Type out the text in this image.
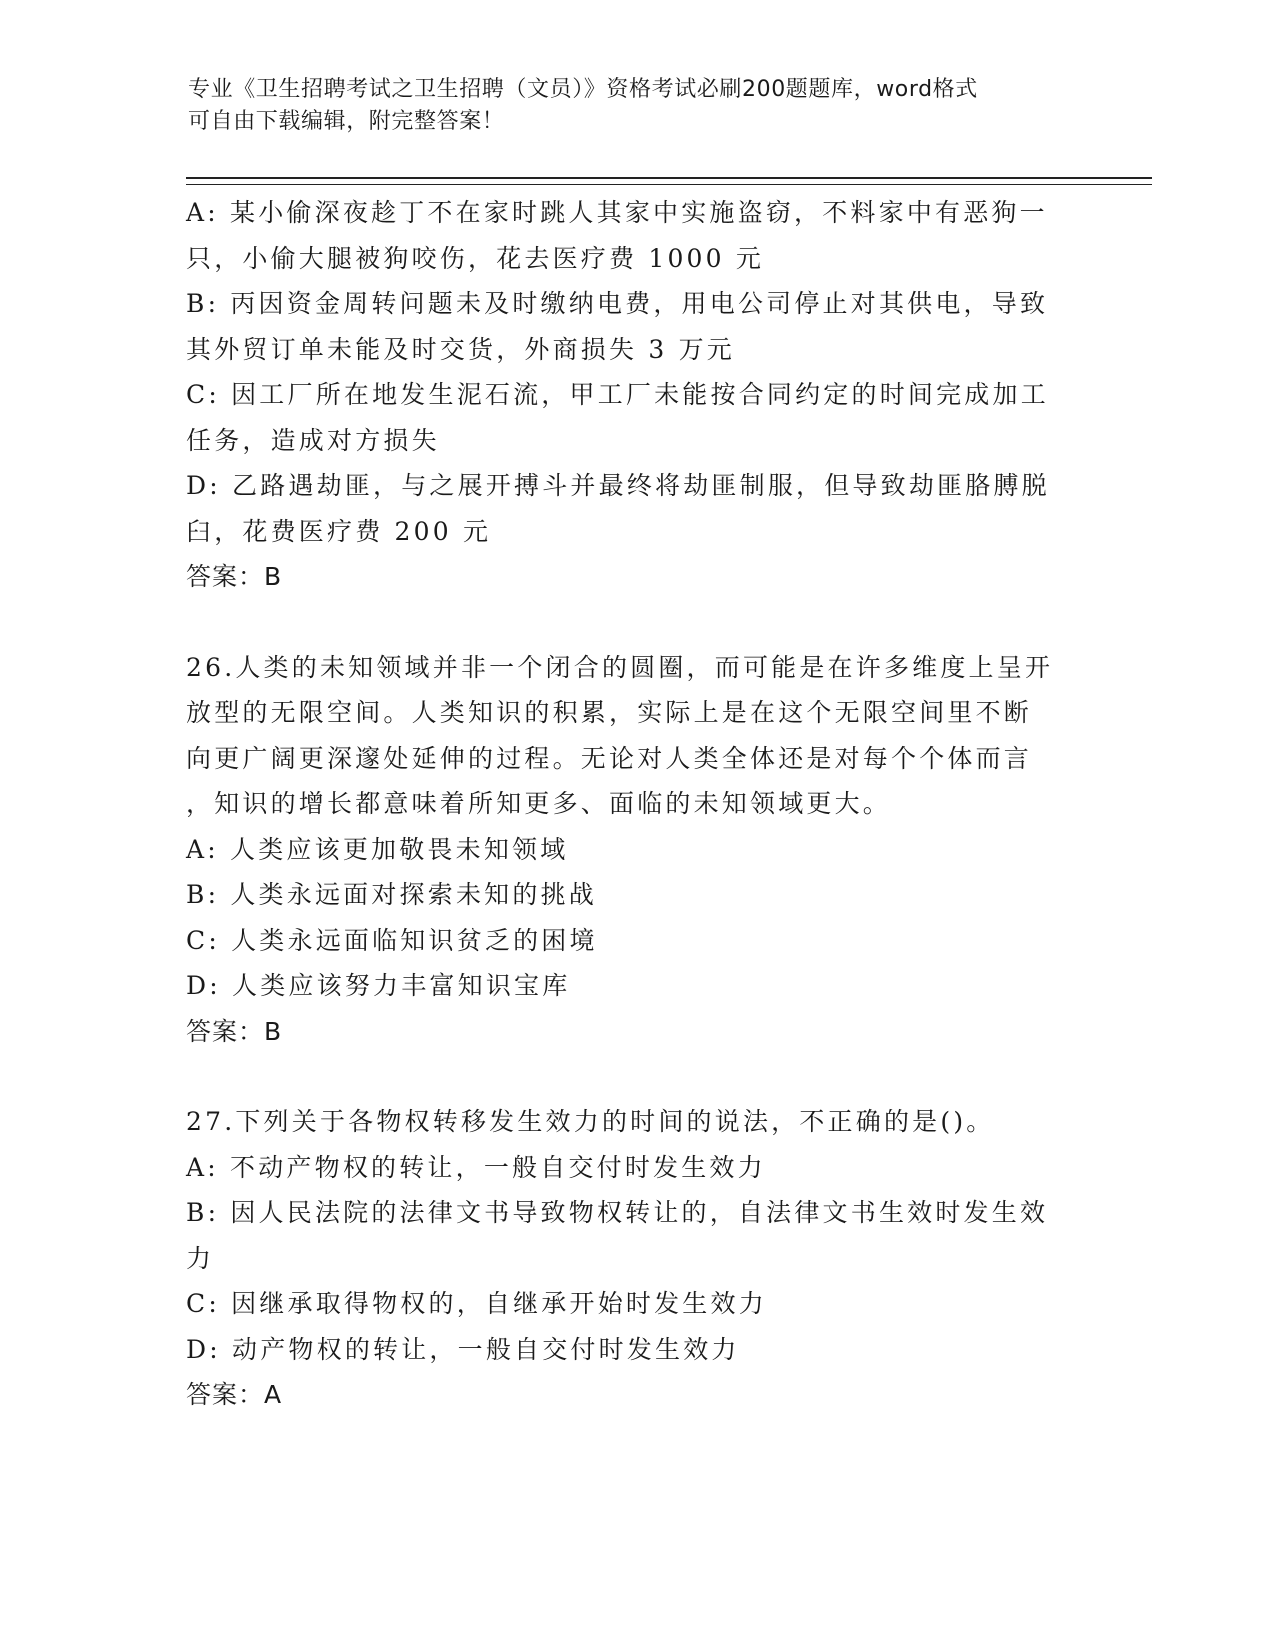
专业《卫生招聘考试之卫生招聘（文员）》资格考试必刷200题题库，word格式
可自由下载编辑，附完整答案！
A: 某小偷深夜趁丁不在家时跳人其家中实施盗窃，不料家中有恶狗一
只，小偷大腿被狗咬伤，花去医疗费 1000 元
B: 丙因资金周转问题未及时缴纳电费，用电公司停止对其供电，导致
其外贸订单未能及时交货，外商损失 3 万元
C: 因工厂所在地发生泥石流，甲工厂未能按合同约定的时间完成加工
任务，造成对方损失
D: 乙路遇劫匪，与之展开搏斗并最终将劫匪制服，但导致劫匪胳膊脱
臼，花费医疗费 200 元
答案：B
26.人类的未知领域并非一个闭合的圆圈，而可能是在许多维度上呈开
放型的无限空间。人类知识的积累，实际上是在这个无限空间里不断
向更广阔更深邃处延伸的过程。无论对人类全体还是对每个个体而言
，知识的增长都意味着所知更多、面临的未知领域更大。
A: 人类应该更加敬畏未知领域
B: 人类永远面对探索未知的挑战
C: 人类永远面临知识贫乏的困境
D: 人类应该努力丰富知识宝库
答案：B
27.下列关于各物权转移发生效力的时间的说法，不正确的是()。
A: 不动产物权的转让，一般自交付时发生效力
B: 因人民法院的法律文书导致物权转让的，自法律文书生效时发生效
力
C: 因继承取得物权的，自继承开始时发生效力
D: 动产物权的转让，一般自交付时发生效力
答案：A
